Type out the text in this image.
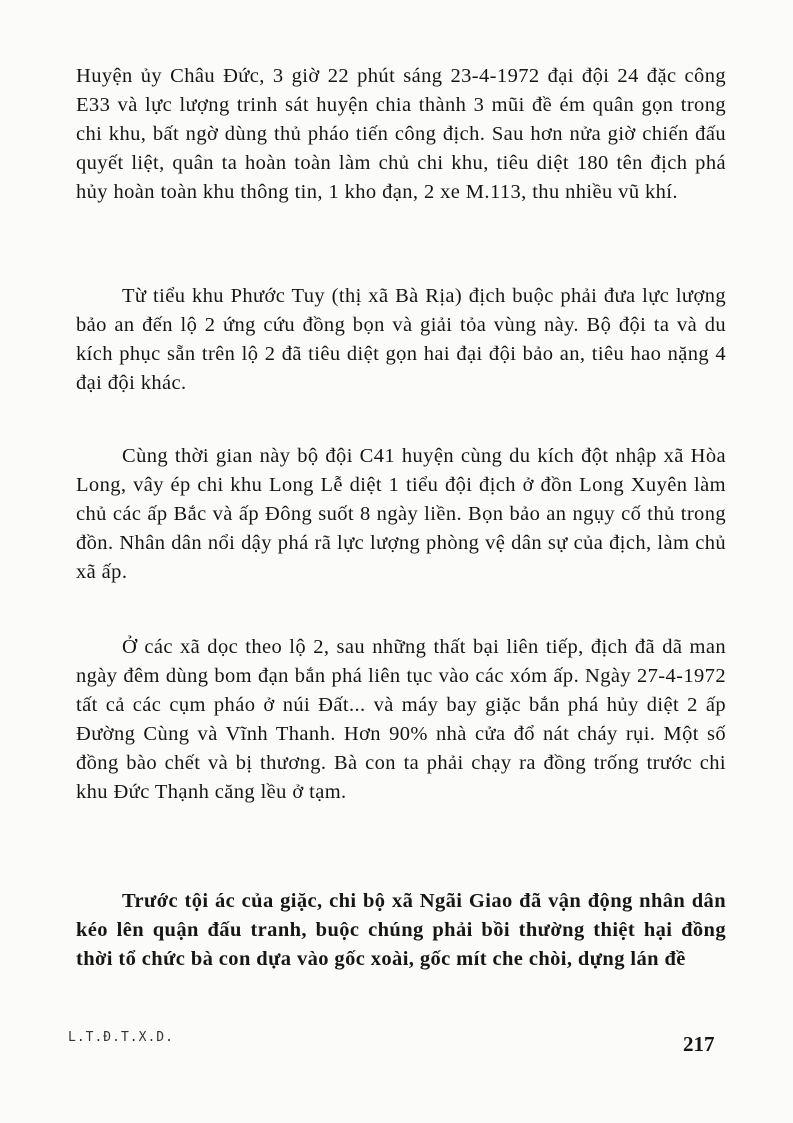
Huyện ủy Châu Đức, 3 giờ 22 phút sáng 23-4-1972 đại đội 24 đặc công E33 và lực lượng trinh sát huyện chia thành 3 mũi đề ém quân gọn trong chi khu, bất ngờ dùng thủ pháo tiến công địch. Sau hơn nửa giờ chiến đấu quyết liệt, quân ta hoàn toàn làm chủ chi khu, tiêu diệt 180 tên địch phá hủy hoàn toàn khu thông tin, 1 kho đạn, 2 xe M.113, thu nhiều vũ khí.

Từ tiểu khu Phước Tuy (thị xã Bà Rịa) địch buộc phải đưa lực lượng bảo an đến lộ 2 ứng cứu đồng bọn và giải tỏa vùng này. Bộ đội ta và du kích phục sẵn trên lộ 2 đã tiêu diệt gọn hai đại đội bảo an, tiêu hao nặng 4 đại đội khác.

Cùng thời gian này bộ đội C41 huyện cùng du kích đột nhập xã Hòa Long, vây ép chi khu Long Lễ diệt 1 tiểu đội địch ở đồn Long Xuyên làm chủ các ấp Bắc và ấp Đông suốt 8 ngày liền. Bọn bảo an ngụy cố thủ trong đồn. Nhân dân nổi dậy phá rã lực lượng phòng vệ dân sự của địch, làm chủ xã ấp.

Ở các xã dọc theo lộ 2, sau những thất bại liên tiếp, địch đã dã man ngày đêm dùng bom đạn bắn phá liên tục vào các xóm ấp. Ngày 27-4-1972 tất cả các cụm pháo ở núi Đất... và máy bay giặc bắn phá hủy diệt 2 ấp Đường Cùng và Vĩnh Thanh. Hơn 90% nhà cửa đổ nát cháy rụi. Một số đồng bào chết và bị thương. Bà con ta phải chạy ra đồng trống trước chi khu Đức Thạnh căng lều ở tạm.

Trước tội ác của giặc, chi bộ xã Ngãi Giao đã vận động nhân dân kéo lên quận đấu tranh, buộc chúng phải bồi thường thiệt hại đồng thời tổ chức bà con dựa vào gốc xoài, gốc mít che chòi, dựng lán đề

L.T.Đ.T.X.D.	217
